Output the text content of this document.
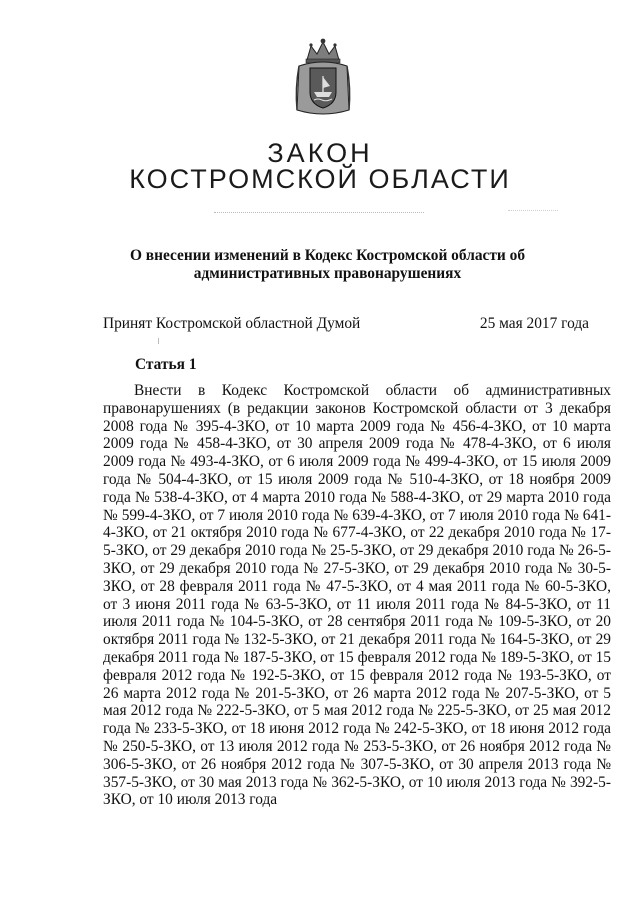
ЗАКОН
КОСТРОМСКОЙ ОБЛАСТИ
О внесении изменений в Кодекс Костромской области об административных правонарушениях
Принят Костромской областной Думой	25 мая 2017 года
Статья 1

Внести в Кодекс Костромской области об административных правонарушениях (в редакции законов Костромской области от 3 декабря 2008 года № 395-4-ЗКО, от 10 марта 2009 года № 456-4-ЗКО, от 10 марта 2009 года № 458-4-ЗКО, от 30 апреля 2009 года № 478-4-ЗКО, от 6 июля 2009 года № 493-4-ЗКО, от 6 июля 2009 года № 499-4-ЗКО, от 15 июля 2009 года № 504-4-ЗКО, от 15 июля 2009 года № 510-4-ЗКО, от 18 ноября 2009 года № 538-4-ЗКО, от 4 марта 2010 года № 588-4-ЗКО, от 29 марта 2010 года № 599-4-ЗКО, от 7 июля 2010 года № 639-4-ЗКО, от 7 июля 2010 года № 641-4-ЗКО, от 21 октября 2010 года № 677-4-ЗКО, от 22 декабря 2010 года № 17-5-ЗКО, от 29 декабря 2010 года № 25-5-ЗКО, от 29 декабря 2010 года № 26-5-ЗКО, от 29 декабря 2010 года № 27-5-ЗКО, от 29 декабря 2010 года № 30-5-ЗКО, от 28 февраля 2011 года № 47-5-ЗКО, от 4 мая 2011 года № 60-5-ЗКО, от 3 июня 2011 года № 63-5-ЗКО, от 11 июля 2011 года № 84-5-ЗКО, от 11 июля 2011 года № 104-5-ЗКО, от 28 сентября 2011 года № 109-5-ЗКО, от 20 октября 2011 года № 132-5-ЗКО, от 21 декабря 2011 года № 164-5-ЗКО, от 29 декабря 2011 года № 187-5-ЗКО, от 15 февраля 2012 года № 189-5-ЗКО, от 15 февраля 2012 года № 192-5-ЗКО, от 15 февраля 2012 года № 193-5-ЗКО, от 26 марта 2012 года № 201-5-ЗКО, от 26 марта 2012 года № 207-5-ЗКО, от 5 мая 2012 года № 222-5-ЗКО, от 5 мая 2012 года № 225-5-ЗКО, от 25 мая 2012 года № 233-5-ЗКО, от 18 июня 2012 года № 242-5-ЗКО, от 18 июня 2012 года № 250-5-ЗКО, от 13 июля 2012 года № 253-5-ЗКО, от 26 ноября 2012 года № 306-5-ЗКО, от 26 ноября 2012 года № 307-5-ЗКО, от 30 апреля 2013 года № 357-5-ЗКО, от 30 мая 2013 года № 362-5-ЗКО, от 10 июля 2013 года № 392-5-ЗКО, от 10 июля 2013 года
